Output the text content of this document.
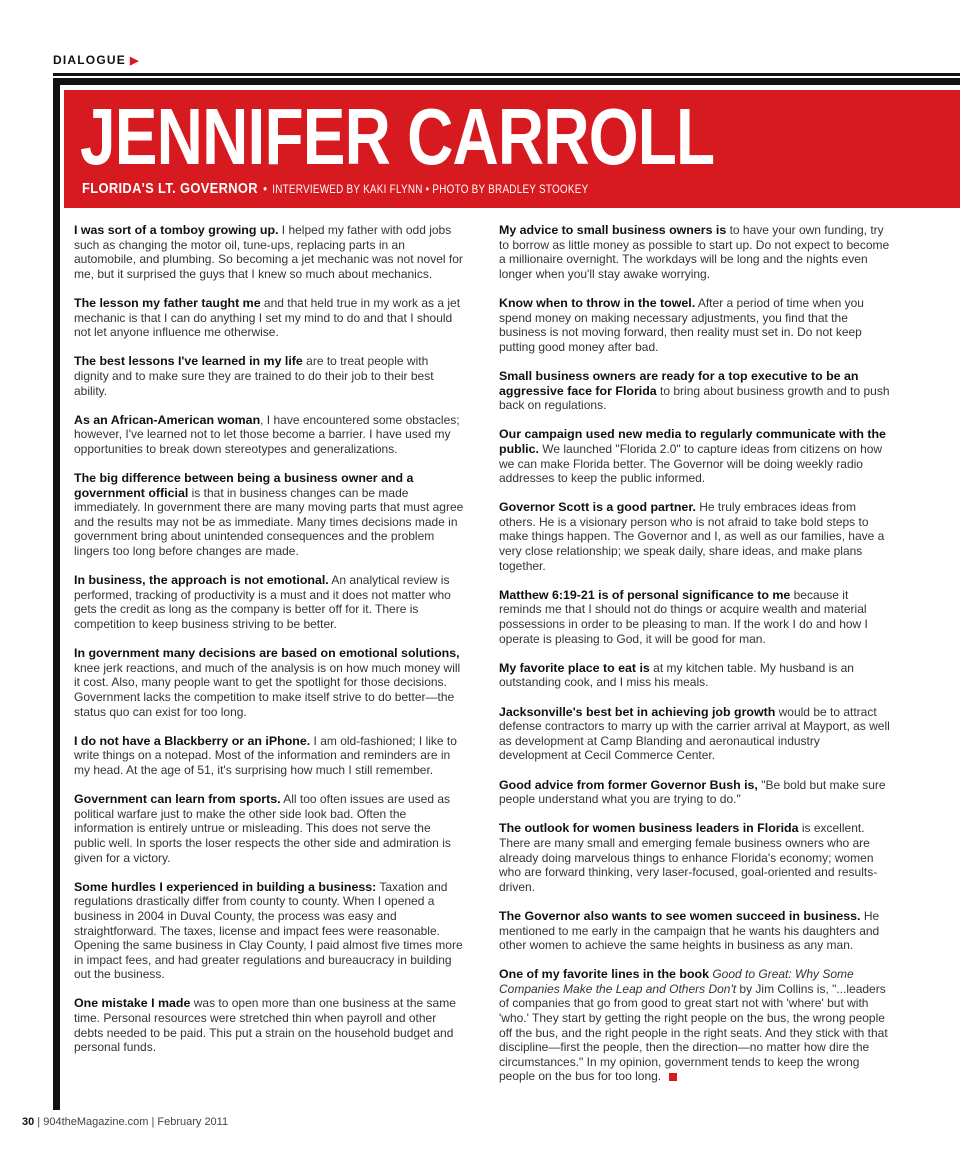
DIALOGUE ▶
JENNIFER CARROLL
FLORIDA'S LT. GOVERNOR • INTERVIEWED BY KAKI FLYNN • PHOTO BY BRADLEY STOOKEY

I was sort of a tomboy growing up. I helped my father with odd jobs such as changing the motor oil, tune-ups, replacing parts in an automobile, and plumbing. So becoming a jet mechanic was not novel for me, but it surprised the guys that I knew so much about mechanics.

The lesson my father taught me and that held true in my work as a jet mechanic is that I can do anything I set my mind to do and that I should not let anyone influence me otherwise.

The best lessons I've learned in my life are to treat people with dignity and to make sure they are trained to do their job to their best ability.

As an African-American woman, I have encountered some obstacles; however, I've learned not to let those become a barrier. I have used my opportunities to break down stereotypes and generalizations.

The big difference between being a business owner and a government official is that in business changes can be made immediately. In government there are many moving parts that must agree and the results may not be as immediate. Many times decisions made in government bring about unintended consequences and the problem lingers too long before changes are made.

In business, the approach is not emotional. An analytical review is performed, tracking of productivity is a must and it does not matter who gets the credit as long as the company is better off for it. There is competition to keep business striving to be better.

In government many decisions are based on emotional solutions, knee jerk reactions, and much of the analysis is on how much money will it cost. Also, many people want to get the spotlight for those decisions. Government lacks the competition to make itself strive to do better—the status quo can exist for too long.

I do not have a Blackberry or an iPhone. I am old-fashioned; I like to write things on a notepad. Most of the information and reminders are in my head. At the age of 51, it's surprising how much I still remember.

Government can learn from sports. All too often issues are used as political warfare just to make the other side look bad. Often the information is entirely untrue or misleading. This does not serve the public well. In sports the loser respects the other side and admiration is given for a victory.

Some hurdles I experienced in building a business: Taxation and regulations drastically differ from county to county. When I opened a business in 2004 in Duval County, the process was easy and straightforward. The taxes, license and impact fees were reasonable. Opening the same business in Clay County, I paid almost five times more in impact fees, and had greater regulations and bureaucracy in building out the business.

One mistake I made was to open more than one business at the same time. Personal resources were stretched thin when payroll and other debts needed to be paid. This put a strain on the household budget and personal funds.

My advice to small business owners is to have your own funding, try to borrow as little money as possible to start up. Do not expect to become a millionaire overnight. The workdays will be long and the nights even longer when you'll stay awake worrying.

Know when to throw in the towel. After a period of time when you spend money on making necessary adjustments, you find that the business is not moving forward, then reality must set in. Do not keep putting good money after bad.

Small business owners are ready for a top executive to be an aggressive face for Florida to bring about business growth and to push back on regulations.

Our campaign used new media to regularly communicate with the public. We launched "Florida 2.0" to capture ideas from citizens on how we can make Florida better. The Governor will be doing weekly radio addresses to keep the public informed.

Governor Scott is a good partner. He truly embraces ideas from others. He is a visionary person who is not afraid to take bold steps to make things happen. The Governor and I, as well as our families, have a very close relationship; we speak daily, share ideas, and make plans together.

Matthew 6:19-21 is of personal significance to me because it reminds me that I should not do things or acquire wealth and material possessions in order to be pleasing to man. If the work I do and how I operate is pleasing to God, it will be good for man.

My favorite place to eat is at my kitchen table. My husband is an outstanding cook, and I miss his meals.

Jacksonville's best bet in achieving job growth would be to attract defense contractors to marry up with the carrier arrival at Mayport, as well as development at Camp Blanding and aeronautical industry development at Cecil Commerce Center.

Good advice from former Governor Bush is, "Be bold but make sure people understand what you are trying to do."

The outlook for women business leaders in Florida is excellent. There are many small and emerging female business owners who are already doing marvelous things to enhance Florida's economy; women who are forward thinking, very laser-focused, goal-oriented and results-driven.

The Governor also wants to see women succeed in business. He mentioned to me early in the campaign that he wants his daughters and other women to achieve the same heights in business as any man.

One of my favorite lines in the book Good to Great: Why Some Companies Make the Leap and Others Don't by Jim Collins is, "...leaders of companies that go from good to great start not with 'where' but with 'who.' They start by getting the right people on the bus, the wrong people off the bus, and the right people in the right seats. And they stick with that discipline—first the people, then the direction—no matter how dire the circumstances." In my opinion, government tends to keep the wrong people on the bus for too long.

30 | 904theMagazine.com | February 2011
